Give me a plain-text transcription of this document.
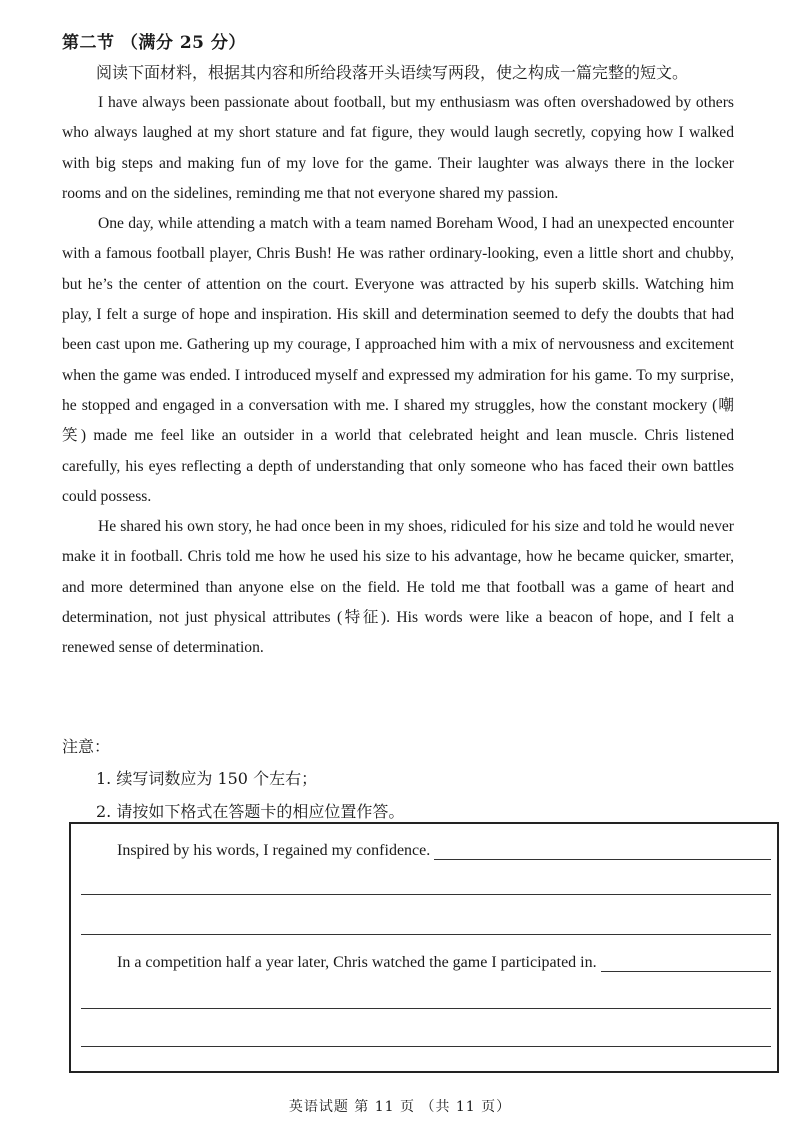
第二节 （满分 25 分）
阅读下面材料，根据其内容和所给段落开头语续写两段，使之构成一篇完整的短文。

I have always been passionate about football, but my enthusiasm was often overshadowed by others who always laughed at my short stature and fat figure, they would laugh secretly, copying how I walked with big steps and making fun of my love for the game. Their laughter was always there in the locker rooms and on the sidelines, reminding me that not everyone shared my passion.

One day, while attending a match with a team named Boreham Wood, I had an unexpected encounter with a famous football player, Chris Bush! He was rather ordinary-looking, even a little short and chubby, but he’s the center of attention on the court. Everyone was attracted by his superb skills. Watching him play, I felt a surge of hope and inspiration. His skill and determination seemed to defy the doubts that had been cast upon me. Gathering up my courage, I approached him with a mix of nervousness and excitement when the game was ended. I introduced myself and expressed my admiration for his game. To my surprise, he stopped and engaged in a conversation with me. I shared my struggles, how the constant mockery (嘲笑) made me feel like an outsider in a world that celebrated height and lean muscle. Chris listened carefully, his eyes reflecting a depth of understanding that only someone who has faced their own battles could possess.

He shared his own story, he had once been in my shoes, ridiculed for his size and told he would never make it in football. Chris told me how he used his size to his advantage, how he became quicker, smarter, and more determined than anyone else on the field. He told me that football was a game of heart and determination, not just physical attributes (特征). His words were like a beacon of hope, and I felt a renewed sense of determination.

注意：
1. 续写词数应为 150 个左右；
2. 请按如下格式在答题卡的相应位置作答。
Inspired by his words, I regained my confidence.
In a competition half a year later, Chris watched the game I participated in.
英语试题 第 11 页 （共 11 页）
